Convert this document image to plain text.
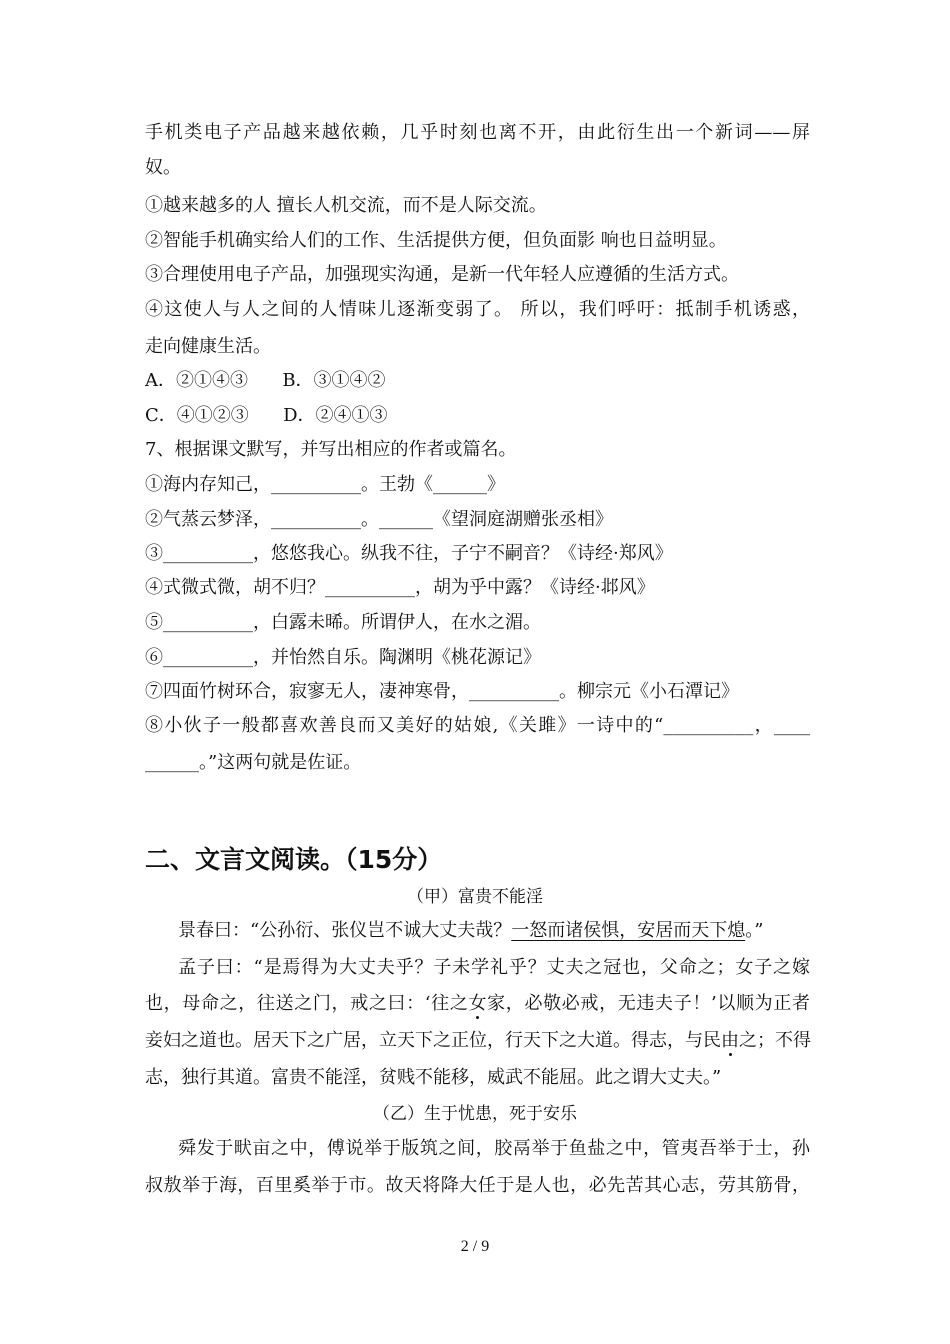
手机类电子产品越来越依赖，几乎时刻也离不开，由此衍生出一个新词——屏
奴。
①越来越多的人 擅长人机交流，而不是人际交流。
②智能手机确实给人们的工作、生活提供方便，但负面影 响也日益明显。
③合理使用电子产品，加强现实沟通，是新一代年轻人应遵循的生活方式。
④这使人与人之间的人情味儿逐渐变弱了。 所以，我们呼吁：抵制手机诱惑，
走向健康生活。
A．②①④③      B．③①④②
C．④①②③      D．②④①③
7、根据课文默写，并写出相应的作者或篇名。
①海内存知己，__________。王勃《______》
②气蒸云梦泽，__________。______《望洞庭湖赠张丞相》
③__________，悠悠我心。纵我不往，子宁不嗣音？《诗经·郑风》
④式微式微，胡不归？__________，胡为乎中露？《诗经·邶风》
⑤__________，白露未晞。所谓伊人，在水之湄。
⑥__________，并怡然自乐。陶渊明《桃花源记》
⑦四面竹树环合，寂寥无人，凄神寒骨，__________。柳宗元《小石潭记》
⑧小伙子一般都喜欢善良而又美好的姑娘,《关雎》一诗中的“__________，____
______。”这两句就是佐证。
二、文言文阅读。（15分）
（甲）富贵不能淫
景春曰：“公孙衍、张仪岂不诚大丈夫哉？一怒而诸侯惧，安居而天下熄。”
孟子曰：“是焉得为大丈夫乎？子未学礼乎？丈夫之冠也，父命之；女子之嫁
也，母命之，往送之门，戒之曰：‘往之女家，必敬必戒，无违夫子！’以顺为正者
妾妇之道也。居天下之广居，立天下之正位，行天下之大道。得志，与民由之；不得
志，独行其道。富贵不能淫，贫贱不能移，威武不能屈。此之谓大丈夫。”
（乙）生于忧患，死于安乐
舜发于畎亩之中，傅说举于版筑之间，胶鬲举于鱼盐之中，管夷吾举于士，孙
叔敖举于海，百里奚举于市。故天将降大任于是人也，必先苦其心志，劳其筋骨，
2 / 9
